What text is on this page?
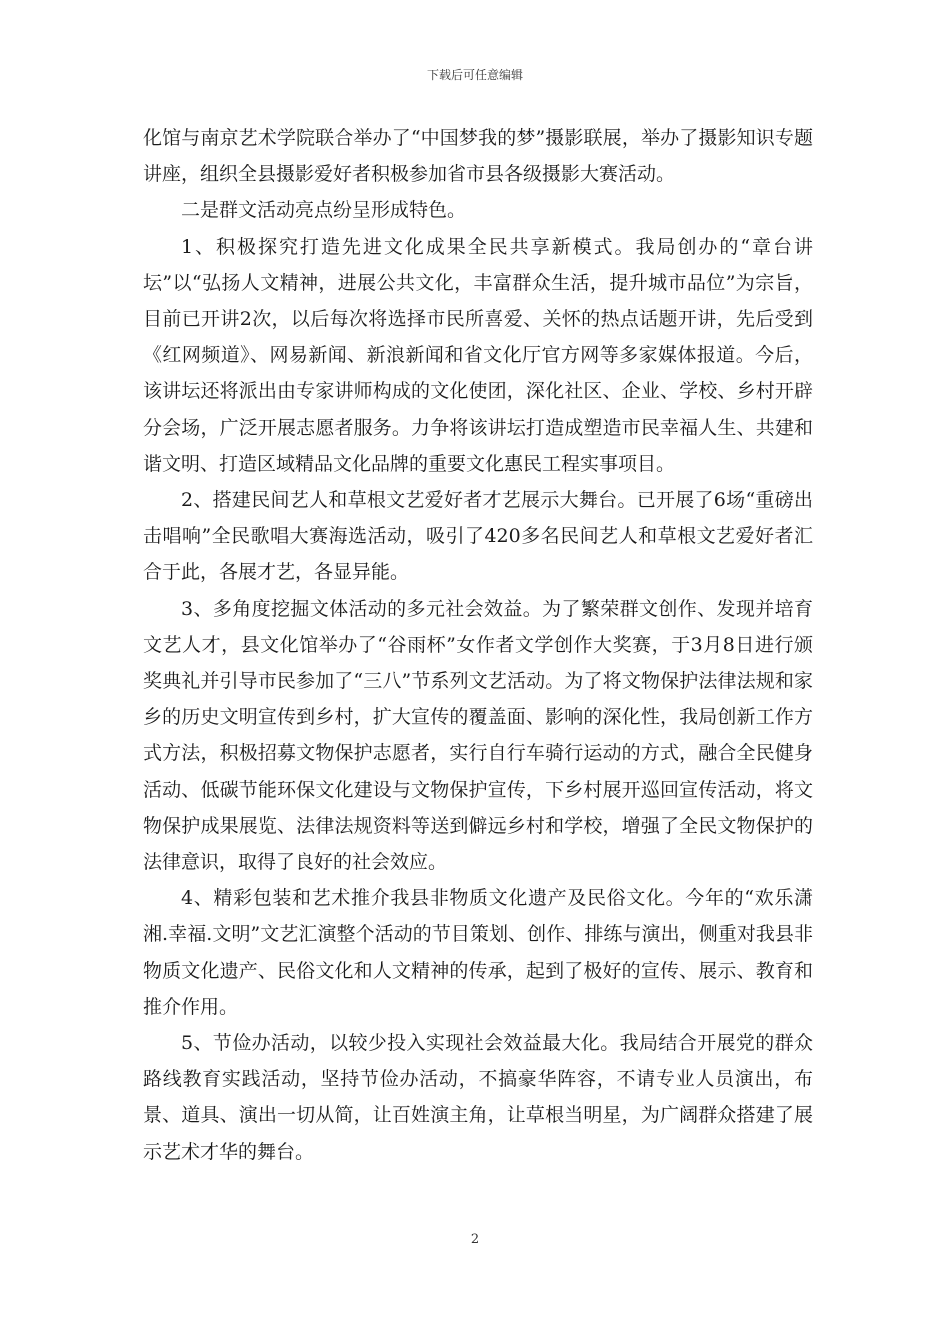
下载后可任意编辑

化馆与南京艺术学院联合举办了“中国梦我的梦”摄影联展，举办了摄影知识专题讲座，组织全县摄影爱好者积极参加省市县各级摄影大赛活动。

二是群文活动亮点纷呈形成特色。

1、积极探究打造先进文化成果全民共享新模式。我局创办的“章台讲坛”以“弘扬人文精神，进展公共文化，丰富群众生活，提升城市品位”为宗旨，目前已开讲2次，以后每次将选择市民所喜爱、关怀的热点话题开讲，先后受到《红网频道》、网易新闻、新浪新闻和省文化厅官方网等多家媒体报道。今后，该讲坛还将派出由专家讲师构成的文化使团，深化社区、企业、学校、乡村开辟分会场，广泛开展志愿者服务。力争将该讲坛打造成塑造市民幸福人生、共建和谐文明、打造区域精品文化品牌的重要文化惠民工程实事项目。

2、搭建民间艺人和草根文艺爱好者才艺展示大舞台。已开展了6场“重磅出击唱响”全民歌唱大赛海选活动，吸引了420多名民间艺人和草根文艺爱好者汇合于此，各展才艺，各显异能。

3、多角度挖掘文体活动的多元社会效益。为了繁荣群文创作、发现并培育文艺人才，县文化馆举办了“谷雨杯”女作者文学创作大奖赛，于3月8日进行颁奖典礼并引导市民参加了“三八”节系列文艺活动。为了将文物保护法律法规和家乡的历史文明宣传到乡村，扩大宣传的覆盖面、影响的深化性，我局创新工作方式方法，积极招募文物保护志愿者，实行自行车骑行运动的方式，融合全民健身活动、低碳节能环保文化建设与文物保护宣传，下乡村展开巡回宣传活动，将文物保护成果展览、法律法规资料等送到僻远乡村和学校，增强了全民文物保护的法律意识，取得了良好的社会效应。

4、精彩包装和艺术推介我县非物质文化遗产及民俗文化。今年的“欢乐潇湘.幸福.文明”文艺汇演整个活动的节目策划、创作、排练与演出，侧重对我县非物质文化遗产、民俗文化和人文精神的传承，起到了极好的宣传、展示、教育和推介作用。

5、节俭办活动，以较少投入实现社会效益最大化。我局结合开展党的群众路线教育实践活动，坚持节俭办活动，不搞豪华阵容，不请专业人员演出，布景、道具、演出一切从简，让百姓演主角，让草根当明星，为广阔群众搭建了展示艺术才华的舞台。

2
